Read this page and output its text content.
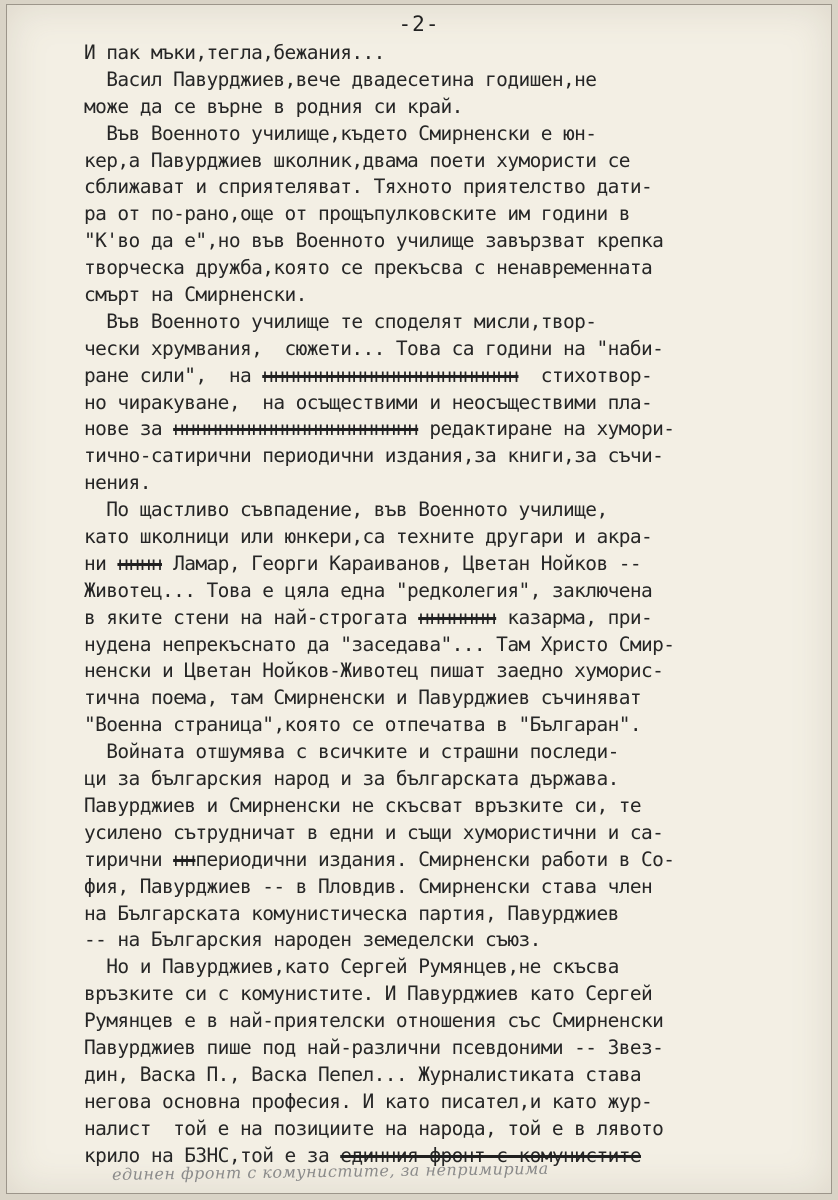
-2-
И пак мъки,тегла,бежания...
Васил Павурджиев,вече двадесетина годишен,не
може да се върне в родния си край.
Във Военното училище,където Смирненски е юн-
кер,а Павурджиев школник,двама поети хумористи се
сближават и сприятеляват. Тяхното приятелство дати-
ра от по-рано,още от прощъпулковските им години в
"К'во да е",но във Военното училище завързват крепка
творческа дружба,която се прекъсва с ненавременната
смърт на Смирненски.
Във Военното училище те споделят мисли,твор-
чески хрумвания,  сюжети... Това са години на "наби-
ране сили",  на ннннннннннннннннннннннн  стихотвор-
но чиракуване,  на осъществими и неосъществими пла-
нове за нннннннннннннннннннннн редактиране на хумори-
тично-сатирични периодични издания,за книги,за съчи-
нения.
По щастливо съвпадение, във Военното училище,
като школници или юнкери,са техните другари и акра-
ни нннн Ламар, Георги Караиванов, Цветан Нойков --
Животец... Това е цяла една "редколегия", заключена
в яките стени на най-строгата ннннннн казарма, при-
нудена непрекъснато да "заседава"... Там Христо Смир-
ненски и Цветан Нойков-Животец пишат заедно хуморис-
тична поема, там Смирненски и Павурджиев съчиняват
"Военна страница",която се отпечатва в "Българан".
Войната отшумява с всичките и страшни последи-
ци за българския народ и за българската държава.
Павурджиев и Смирненски не скъсват връзките си, те
усилено сътрудничат в едни и същи хумористични и са-
тирични ннпериодични издания. Смирненски работи в Со-
фия, Павурджиев -- в Пловдив. Смирненски става член
на Българската комунистическа партия, Павурджиев
-- на Българския народен земеделски съюз.
Но и Павурджиев,като Сергей Румянцев,не скъсва
връзките си с комунистите. И Павурджиев като Сергей
Румянцев е в най-приятелски отношения със Смирненски
Павурджиев пише под най-различни псевдоними -- Звез-
дин, Васка П., Васка Пепел... Журналистиката става
негова основна професия. И като писател,и като жур-
налист  той е на позициите на народа, той е в лявото
крило на БЗНС,той е за единния фронт с комунистите
единен фронт с комунистите, за непримирима
